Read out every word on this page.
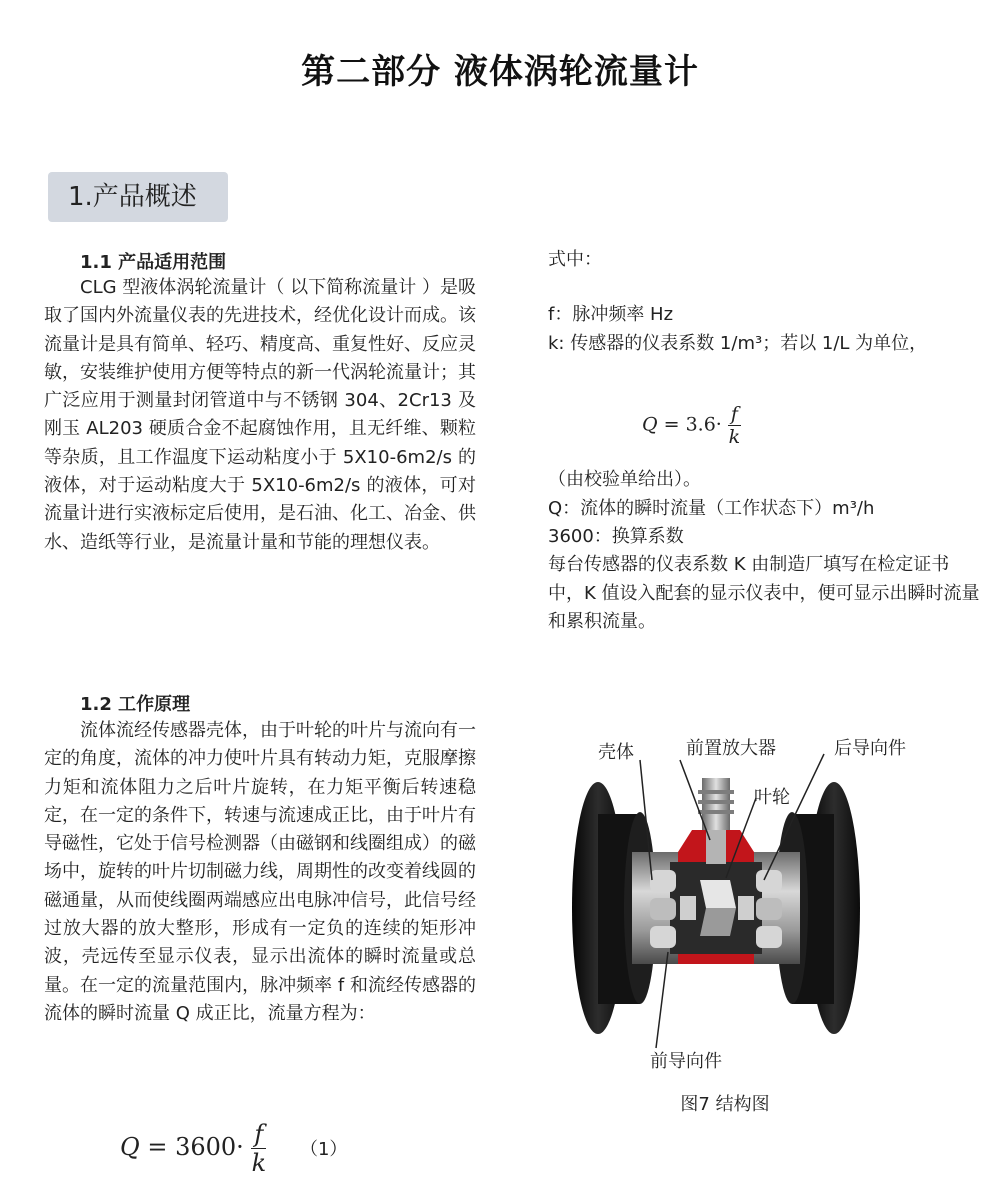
第二部分 液体涡轮流量计
1.产品概述
1.1 产品适用范围

CLG 型液体涡轮流量计（ 以下简称流量计 ）是吸取了国内外流量仪表的先进技术，经优化设计而成。该流量计是具有简单、轻巧、精度高、重复性好、反应灵敏，安装维护使用方便等特点的新一代涡轮流量计；其广泛应用于测量封闭管道中与不锈钢 304、2Cr13 及刚玉 AL203 硬质合金不起腐蚀作用，且无纤维、颗粒等杂质，且工作温度下运动粘度小于 5X10-6m2/s 的液体，对于运动粘度大于 5X10-6m2/s 的液体，可对流量计进行实液标定后使用，是石油、化工、冶金、供水、造纸等行业，是流量计量和节能的理想仪表。

1.2 工作原理

流体流经传感器壳体，由于叶轮的叶片与流向有一定的角度，流体的冲力使叶片具有转动力矩，克服摩擦力矩和流体阻力之后叶片旋转，在力矩平衡后转速稳定，在一定的条件下，转速与流速成正比，由于叶片有导磁性，它处于信号检测器（由磁钢和线圈组成）的磁场中，旋转的叶片切制磁力线，周期性的改变着线圆的磁通量，从而使线圈两端感应出电脉冲信号，此信号经过放大器的放大整形，形成有一定负的连续的矩形冲波，壳远传至显示仪表，显示出流体的瞬时流量或总量。在一定的流量范围内，脉冲频率 f 和流经传感器的流体的瞬时流量 Q 成正比，流量方程为：

$Q = 3600\cdot \frac{f}{k} (1)$

式中：

f：脉冲频率 Hz

k: 传感器的仪表系数 1/m³；若以 1/L 为单位，

$Q = 3.6\cdot \frac{f}{k}$

（由校验单给出）。

Q：流体的瞬时流量（工作状态下）m³/h

3600：换算系数

每台传感器的仪表系数 K 由制造厂填写在检定证书中，K 值设入配套的显示仪表中，便可显示出瞬时流量和累积流量。

壳体	前置放大器	后导向件
叶轮
前导向件
图7 结构图
